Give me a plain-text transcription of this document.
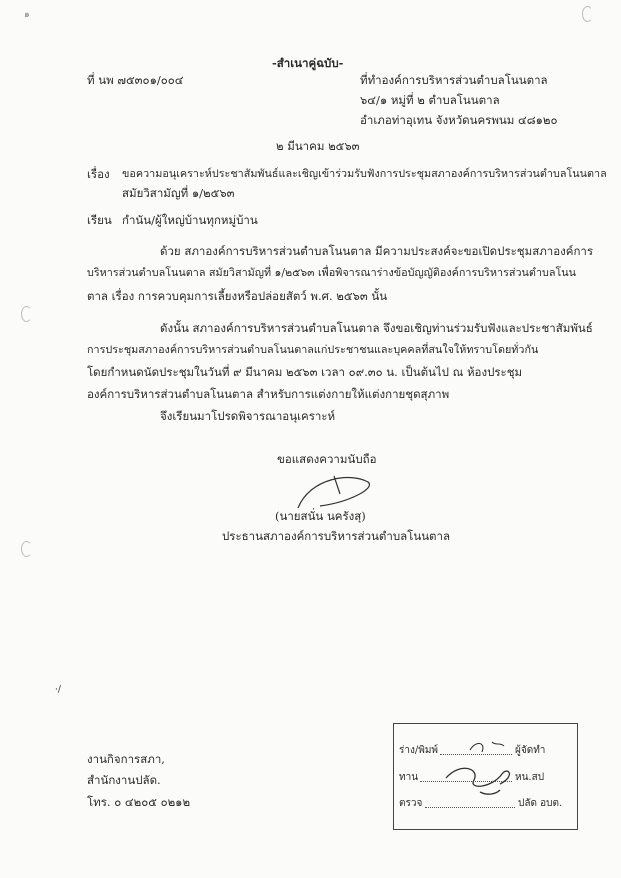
๑
-สำเนาคู่ฉบับ-
ที่ นพ ๗๕๓๐๑/๐๐๔	ที่ทำองค์การบริหารส่วนตำบลโนนตาล
๖๔/๑ หมู่ที่ ๒ ตำบลโนนตาล
อำเภอท่าอุเทน จังหวัดนครพนม ๔๘๑๒๐
๒ มีนาคม ๒๕๖๓
เรื่อง ขอความอนุเคราะห์ประชาสัมพันธ์และเชิญเข้าร่วมรับฟังการประชุมสภาองค์การบริหารส่วนตำบลโนนตาล
สมัยวิสามัญที่ ๑/๒๕๖๓
เรียน กำนัน/ผู้ใหญ่บ้านทุกหมู่บ้าน
ด้วย สภาองค์การบริหารส่วนตำบลโนนตาล มีความประสงค์จะขอเปิดประชุมสภาองค์การ
บริหารส่วนตำบลโนนตาล สมัยวิสามัญที่ ๑/๒๕๖๓ เพื่อพิจารณาร่างข้อบัญญัติองค์การบริหารส่วนตำบลโนน
ตาล เรื่อง การควบคุมการเลี้ยงหรือปล่อยสัตว์ พ.ศ. ๒๕๖๓ นั้น
ดังนั้น สภาองค์การบริหารส่วนตำบลโนนตาล จึงขอเชิญท่านร่วมรับฟังและประชาสัมพันธ์
การประชุมสภาองค์การบริหารส่วนตำบลโนนตาลแก่ประชาชนและบุคคลที่สนใจให้ทราบโดยทั่วกัน
โดยกำหนดนัดประชุมในวันที่ ๙ มีนาคม ๒๕๖๓ เวลา ๐๙.๓๐ น. เป็นต้นไป ณ ห้องประชุม
องค์การบริหารส่วนตำบลโนนตาล สำหรับการแต่งกายให้แต่งกายชุดสุภาพ
จึงเรียนมาโปรดพิจารณาอนุเคราะห์
ขอแสดงความนับถือ
(นายสนั่น นครังสุ)
ประธานสภาองค์การบริหารส่วนตำบลโนนตาล
·/
งานกิจการสภา,
สำนักงานปลัด.
โทร. ๐ ๔๒๐๕ ๐๒๑๒
ร่าง/พิมพ์	ผู้จัดทำ
ทาน	หน.สป
ตรวจ	ปลัด อบต.
